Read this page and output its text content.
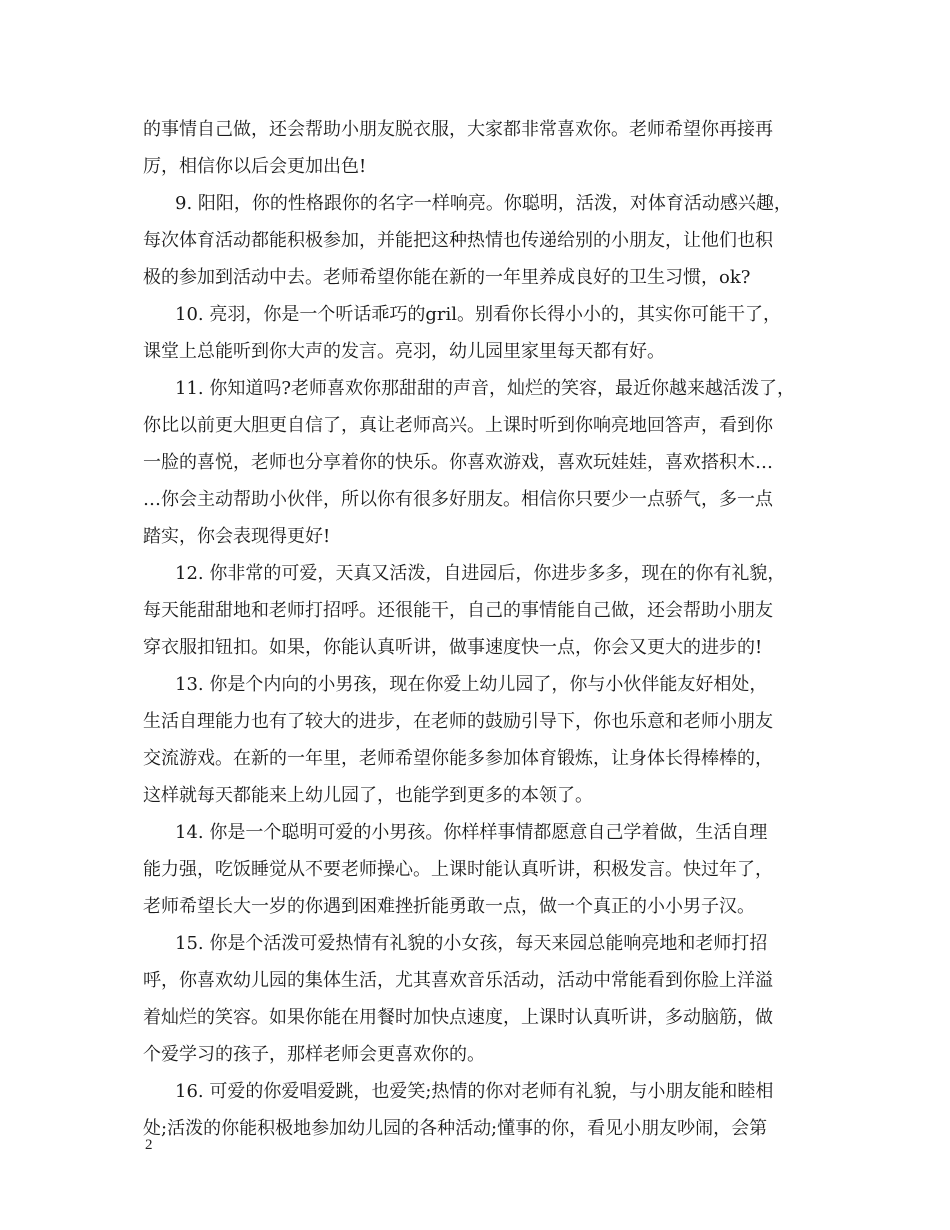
的事情自己做，还会帮助小朋友脱衣服，大家都非常喜欢你。老师希望你再接再
厉，相信你以后会更加出色!
9. 阳阳，你的性格跟你的名字一样响亮。你聪明，活泼，对体育活动感兴趣，
每次体育活动都能积极参加，并能把这种热情也传递给别的小朋友，让他们也积
极的参加到活动中去。老师希望你能在新的一年里养成良好的卫生习惯，ok?
10. 亮羽，你是一个听话乖巧的gril。别看你长得小小的，其实你可能干了，
课堂上总能听到你大声的发言。亮羽，幼儿园里家里每天都有好。
11. 你知道吗?老师喜欢你那甜甜的声音，灿烂的笑容，最近你越来越活泼了，
你比以前更大胆更自信了，真让老师高兴。上课时听到你响亮地回答声，看到你
一脸的喜悦，老师也分享着你的快乐。你喜欢游戏，喜欢玩娃娃，喜欢搭积木…
…你会主动帮助小伙伴，所以你有很多好朋友。相信你只要少一点骄气，多一点
踏实，你会表现得更好!
12. 你非常的可爱，天真又活泼，自进园后，你进步多多，现在的你有礼貌，
每天能甜甜地和老师打招呼。还很能干，自己的事情能自己做，还会帮助小朋友
穿衣服扣钮扣。如果，你能认真听讲，做事速度快一点，你会又更大的进步的!
13. 你是个内向的小男孩，现在你爱上幼儿园了，你与小伙伴能友好相处，
生活自理能力也有了较大的进步，在老师的鼓励引导下，你也乐意和老师小朋友
交流游戏。在新的一年里，老师希望你能多参加体育锻炼，让身体长得棒棒的，
这样就每天都能来上幼儿园了，也能学到更多的本领了。
14. 你是一个聪明可爱的小男孩。你样样事情都愿意自己学着做，生活自理
能力强，吃饭睡觉从不要老师操心。上课时能认真听讲，积极发言。快过年了，
老师希望长大一岁的你遇到困难挫折能勇敢一点，做一个真正的小小男子汉。
15. 你是个活泼可爱热情有礼貌的小女孩，每天来园总能响亮地和老师打招
呼，你喜欢幼儿园的集体生活，尤其喜欢音乐活动，活动中常能看到你脸上洋溢
着灿烂的笑容。如果你能在用餐时加快点速度，上课时认真听讲，多动脑筋，做
个爱学习的孩子，那样老师会更喜欢你的。
16. 可爱的你爱唱爱跳，也爱笑;热情的你对老师有礼貌，与小朋友能和睦相
处;活泼的你能积极地参加幼儿园的各种活动;懂事的你，看见小朋友吵闹，会第
2
